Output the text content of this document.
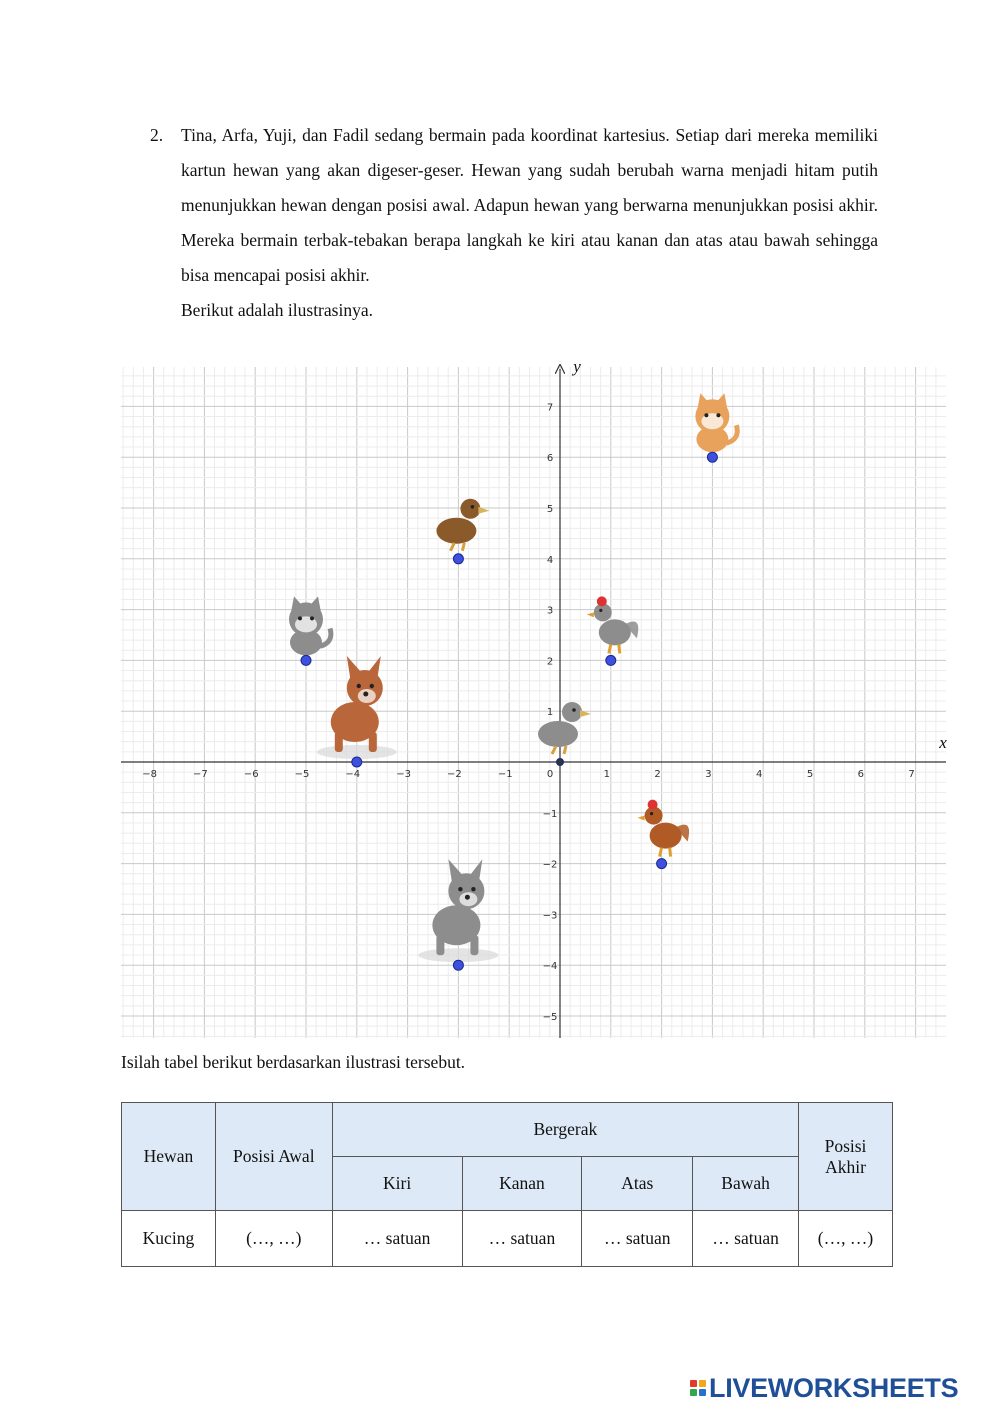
2. Tina, Arfa, Yuji, dan Fadil sedang bermain pada koordinat kartesius. Setiap dari mereka memiliki kartun hewan yang akan digeser-geser. Hewan yang sudah berubah warna menjadi hitam putih menunjukkan hewan dengan posisi awal. Adapun hewan yang berwarna menunjukkan posisi akhir. Mereka bermain terbak-tebakan berapa langkah ke kiri atau kanan dan atas atau bawah sehingga bisa mencapai posisi akhir.

Berikut adalah ilustrasinya.
x
y
−8	−7	−6	−5	−4	−3	−2	−1	1	2	3	4	5	6	7
−5
−4
−3
−2
−1
1
2
3
4
5
6
7
0
Isilah tabel berikut berdasarkan ilustrasi tersebut.
Hewan	Posisi Awal	Bergerak				Posisi Akhir
		Kiri	Kanan	Atas	Bawah	
Kucing	(…, …)	… satuan	… satuan	… satuan	… satuan	(…, …)
LIVEWORKSHEETS
